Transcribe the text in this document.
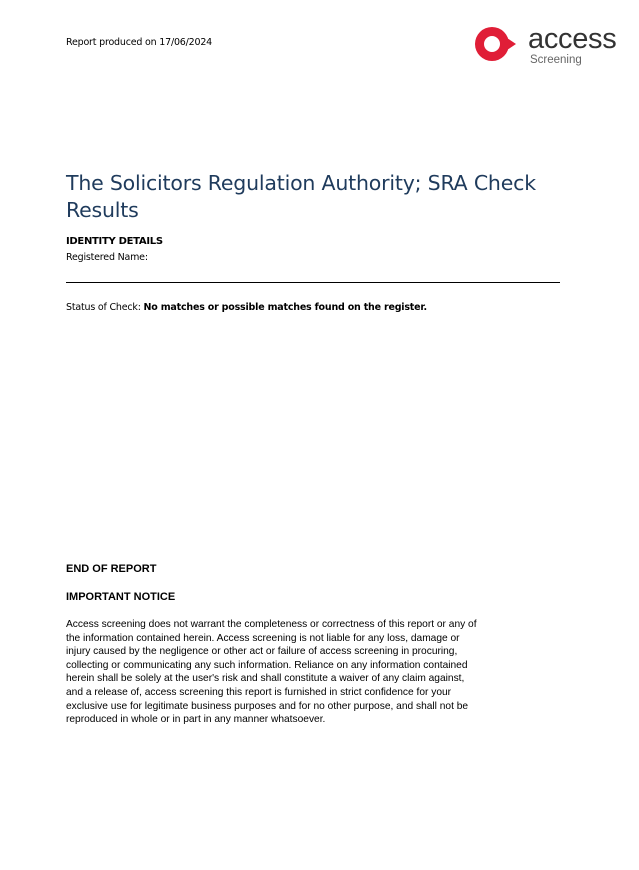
Report produced on 17/06/2024	access
Screening
The Solicitors Regulation Authority; SRA Check Results
IDENTITY DETAILS
Registered Name:
Status of Check: No matches or possible matches found on the register.
END OF REPORT
IMPORTANT NOTICE

Access screening does not warrant the completeness or correctness of this report or any of
the information contained herein. Access screening is not liable for any loss, damage or
injury caused by the negligence or other act or failure of access screening in procuring,
collecting or communicating any such information. Reliance on any information contained
herein shall be solely at the user's risk and shall constitute a waiver of any claim against,
and a release of, access screening this report is furnished in strict confidence for your
exclusive use for legitimate business purposes and for no other purpose, and shall not be
reproduced in whole or in part in any manner whatsoever.
